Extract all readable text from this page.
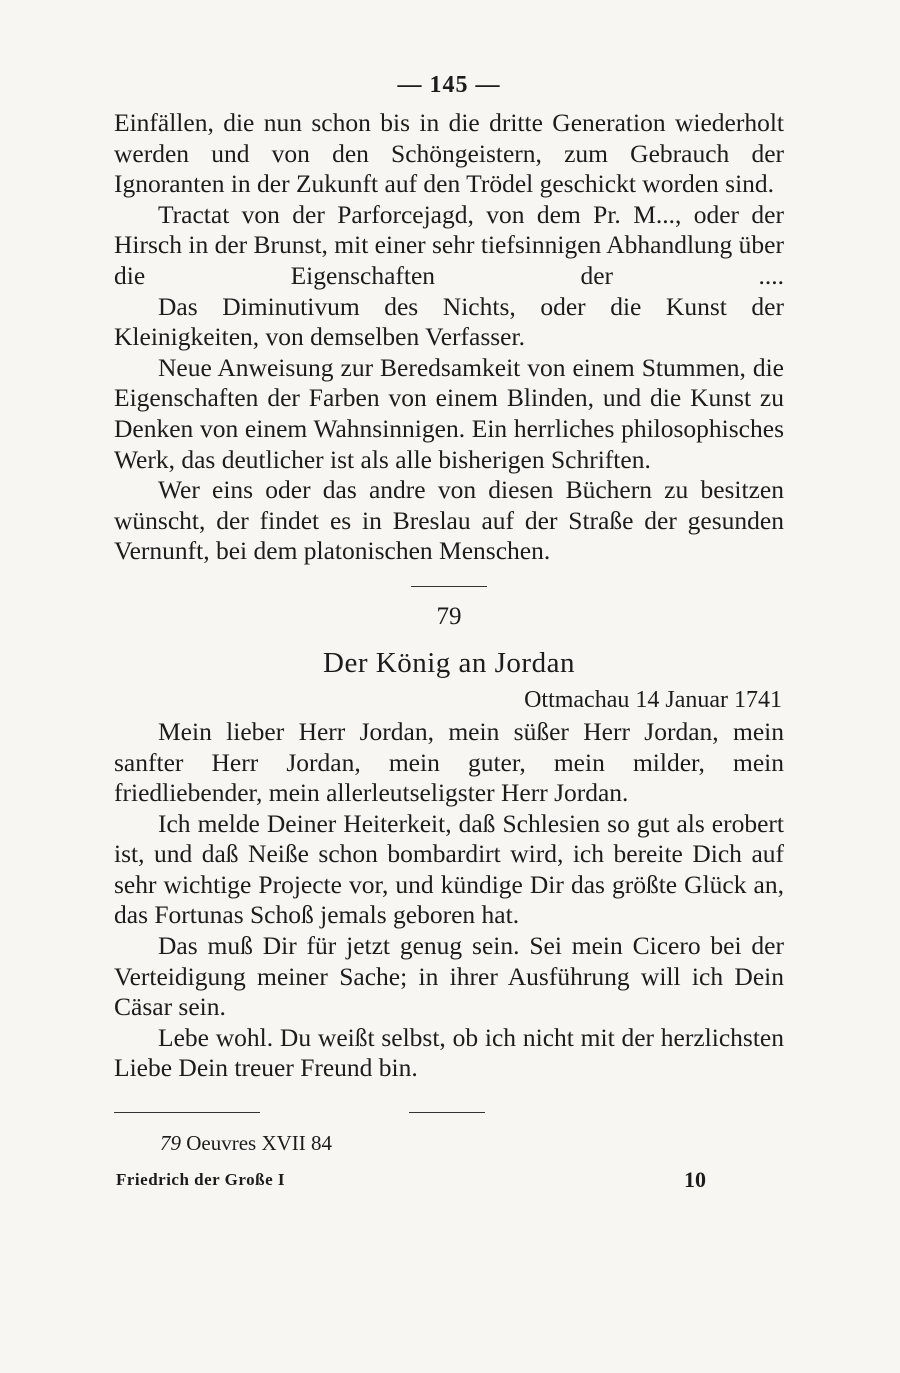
— 145 —

Einfällen, die nun schon bis in die dritte Generation wiederholt werden und von den Schöngeistern, zum Gebrauch der Ignoranten in der Zukunft auf den Trödel geschickt worden sind.

Tractat von der Parforcejagd, von dem Pr. M..., oder der Hirsch in der Brunst, mit einer sehr tiefsinnigen Abhandlung über die Eigenschaften der ....

Das Diminutivum des Nichts, oder die Kunst der Kleinigkeiten, von demselben Verfasser.

Neue Anweisung zur Beredsamkeit von einem Stummen, die Eigenschaften der Farben von einem Blinden, und die Kunst zu Denken von einem Wahnsinnigen. Ein herrliches philosophisches Werk, das deutlicher ist als alle bisherigen Schriften.

Wer eins oder das andre von diesen Büchern zu besitzen wünscht, der findet es in Breslau auf der Straße der gesunden Vernunft, bei dem platonischen Menschen.

79
Der König an Jordan
Ottmachau 14 Januar 1741

Mein lieber Herr Jordan, mein süßer Herr Jordan, mein sanfter Herr Jordan, mein guter, mein milder, mein friedliebender, mein allerleutseligster Herr Jordan.

Ich melde Deiner Heiterkeit, daß Schlesien so gut als erobert ist, und daß Neiße schon bombardirt wird, ich bereite Dich auf sehr wichtige Projecte vor, und kündige Dir das größte Glück an, das Fortunas Schoß jemals geboren hat.

Das muß Dir für jetzt genug sein. Sei mein Cicero bei der Verteidigung meiner Sache; in ihrer Ausführung will ich Dein Cäsar sein.

Lebe wohl. Du weißt selbst, ob ich nicht mit der herzlichsten Liebe Dein treuer Freund bin.

79 Oeuvres XVII 84
Friedrich der Große I	10
